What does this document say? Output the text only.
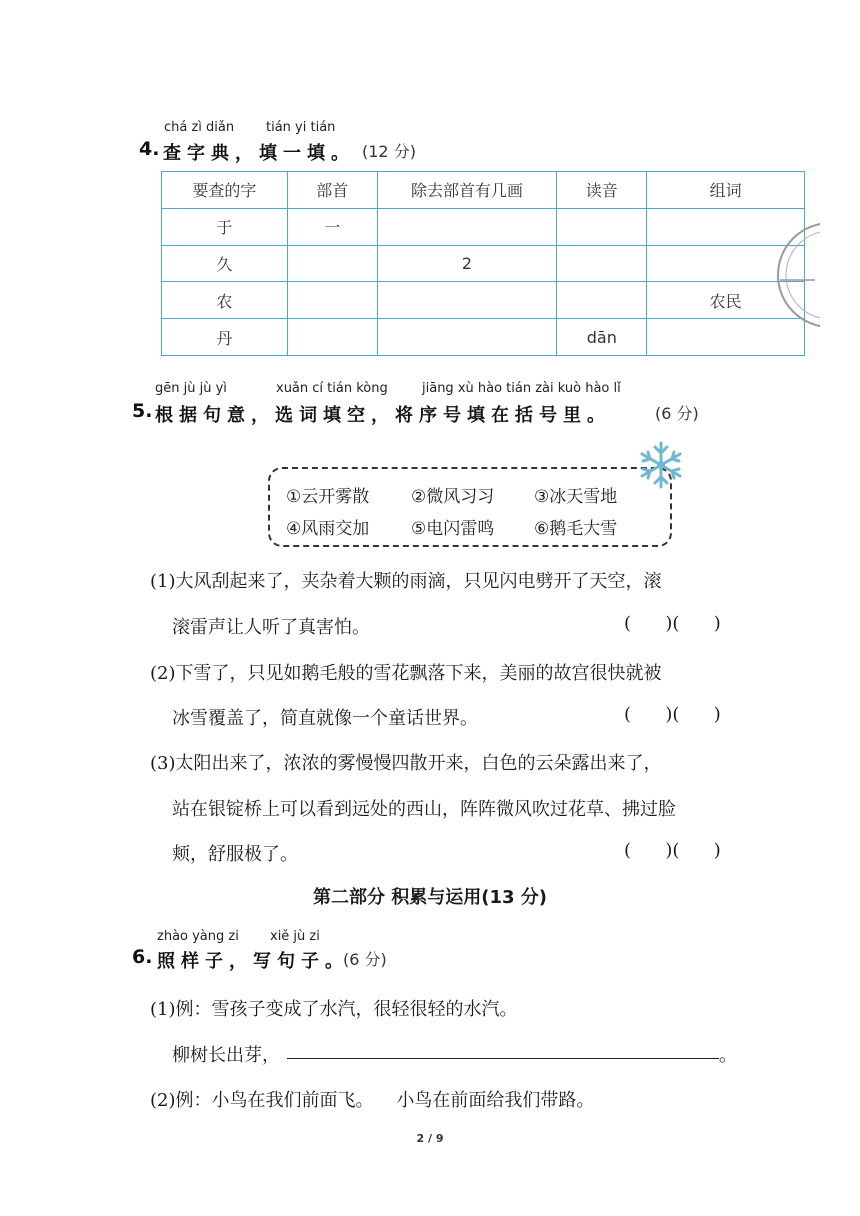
chá zì diǎn tián yi tián
4. 查字典，填一填。 (12 分)
要查的字	部首	除去部首有几画	读音	组词
于	一			
久		2		
农				农民
丹			dān	
gēn jù jù yì	xuǎn cí tián kòng	jiāng xù hào tián zài kuò hào lǐ
5. 根据句意，选词填空，将序号填在括号里。	(6 分)
①云开雾散 ②微风习习 ③冰天雪地
④风雨交加 ⑤电闪雷鸣 ⑥鹅毛大雪
(1)大风刮起来了，夹杂着大颗的雨滴，只见闪电劈开了天空，滚
滚雷声让人听了真害怕。	(      )(      )
(2)下雪了，只见如鹅毛般的雪花飘落下来，美丽的故宫很快就被
冰雪覆盖了，简直就像一个童话世界。	(      )(      )
(3)太阳出来了，浓浓的雾慢慢四散开来，白色的云朵露出来了，
站在银锭桥上可以看到远处的西山，阵阵微风吹过花草、拂过脸
颊，舒服极了。	(      )(      )
第二部分 积累与运用(13 分)
zhào yàng zi xiě jù zi
6. 照样子，写句子。
(6 分)
(1)例：雪孩子变成了水汽，很轻很轻的水汽。
柳树长出芽，	。
(2)例：小鸟在我们前面飞。    小鸟在前面给我们带路。
2 / 9
